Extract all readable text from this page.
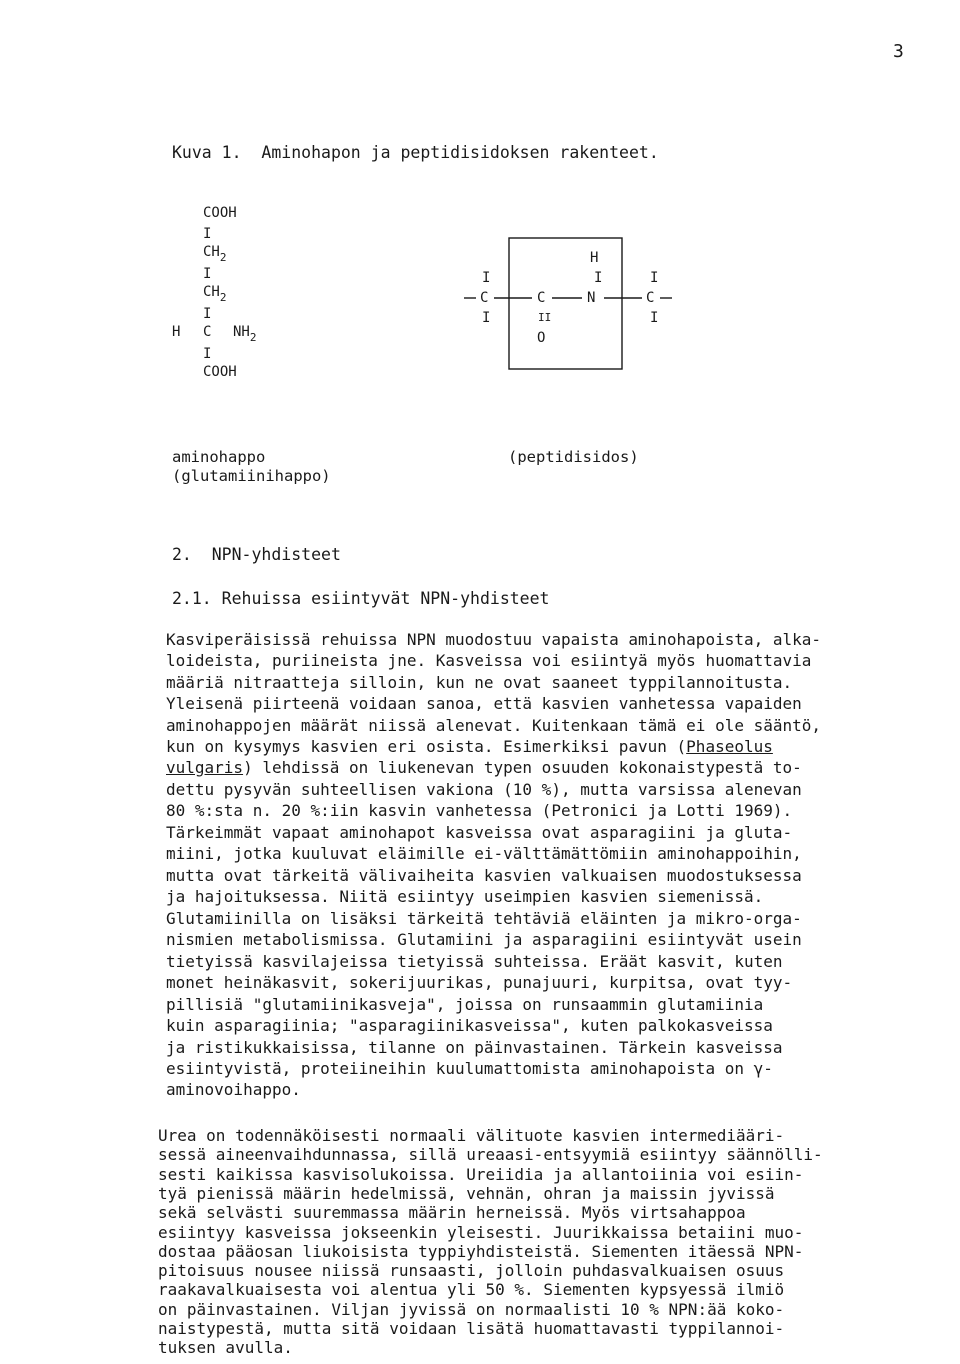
3
Kuva 1.  Aminohapon ja peptidisidoksen rakenteet.
COOH
I
$CH_2$
I
$CH_2$
I
H C $NH_2$
I
COOH
H
I	I	I
C	C	N	C
I	II	I
O
aminohappo
(glutamiinihappo)
(peptidisidos)
2.  NPN-yhdisteet
2.1. Rehuissa esiintyvät NPN-yhdisteet
Kasviperäisissä rehuissa NPN muodostuu vapaista aminohapoista, alka-
loideista, puriineista jne. Kasveissa voi esiintyä myös huomattavia
määriä nitraatteja silloin, kun ne ovat saaneet typpilannoitusta.
Yleisenä piirteenä voidaan sanoa, että kasvien vanhetessa vapaiden
aminohappojen määrät niissä alenevat. Kuitenkaan tämä ei ole sääntö,
kun on kysymys kasvien eri osista. Esimerkiksi pavun (Phaseolus
vulgaris) lehdissä on liukenevan typen osuuden kokonaistypestä to-
dettu pysyvän suhteellisen vakiona (10 %), mutta varsissa alenevan
80 %:sta n. 20 %:iin kasvin vanhetessa (Petronici ja Lotti 1969).
Tärkeimmät vapaat aminohapot kasveissa ovat asparagiini ja gluta-
miini, jotka kuuluvat eläimille ei-välttämättömiin aminohappoihin,
mutta ovat tärkeitä välivaiheita kasvien valkuaisen muodostuksessa
ja hajoituksessa. Niitä esiintyy useimpien kasvien siemenissä.
Glutamiinilla on lisäksi tärkeitä tehtäviä eläinten ja mikro-orga-
nismien metabolismissa. Glutamiini ja asparagiini esiintyvät usein
tietyissä kasvilajeissa tietyissä suhteissa. Eräät kasvit, kuten
monet heinäkasvit, sokerijuurikas, punajuuri, kurpitsa, ovat tyy-
pillisiä "glutamiinikasveja", joissa on runsaammin glutamiinia
kuin asparagiinia; "asparagiinikasveissa", kuten palkokasveissa
ja ristikukkaisissa, tilanne on päinvastainen. Tärkein kasveissa
esiintyvistä, proteiineihin kuulumattomista aminohapoista on γ-
aminovoihappo.
Urea on todennäköisesti normaali välituote kasvien intermediääri-
sessä aineenvaihdunnassa, sillä ureaasi-entsyymiä esiintyy säännölli-
sesti kaikissa kasvisolukoissa. Ureiidia ja allantoiinia voi esiin-
tyä pienissä määrin hedelmissä, vehnän, ohran ja maissin jyvissä
sekä selvästi suuremmassa määrin herneissä. Myös virtsahappoa
esiintyy kasveissa jokseenkin yleisesti. Juurikkaissa betaiini muo-
dostaa pääosan liukoisista typpiyhdisteistä. Siementen itäessä NPN-
pitoisuus nousee niissä runsaasti, jolloin puhdasvalkuaisen osuus
raakavalkuaisesta voi alentua yli 50 %. Siementen kypsyessä ilmiö
on päinvastainen. Viljan jyvissä on normaalisti 10 % NPN:ää koko-
naistypestä, mutta sitä voidaan lisätä huomattavasti typpilannoi-
tuksen avulla.
